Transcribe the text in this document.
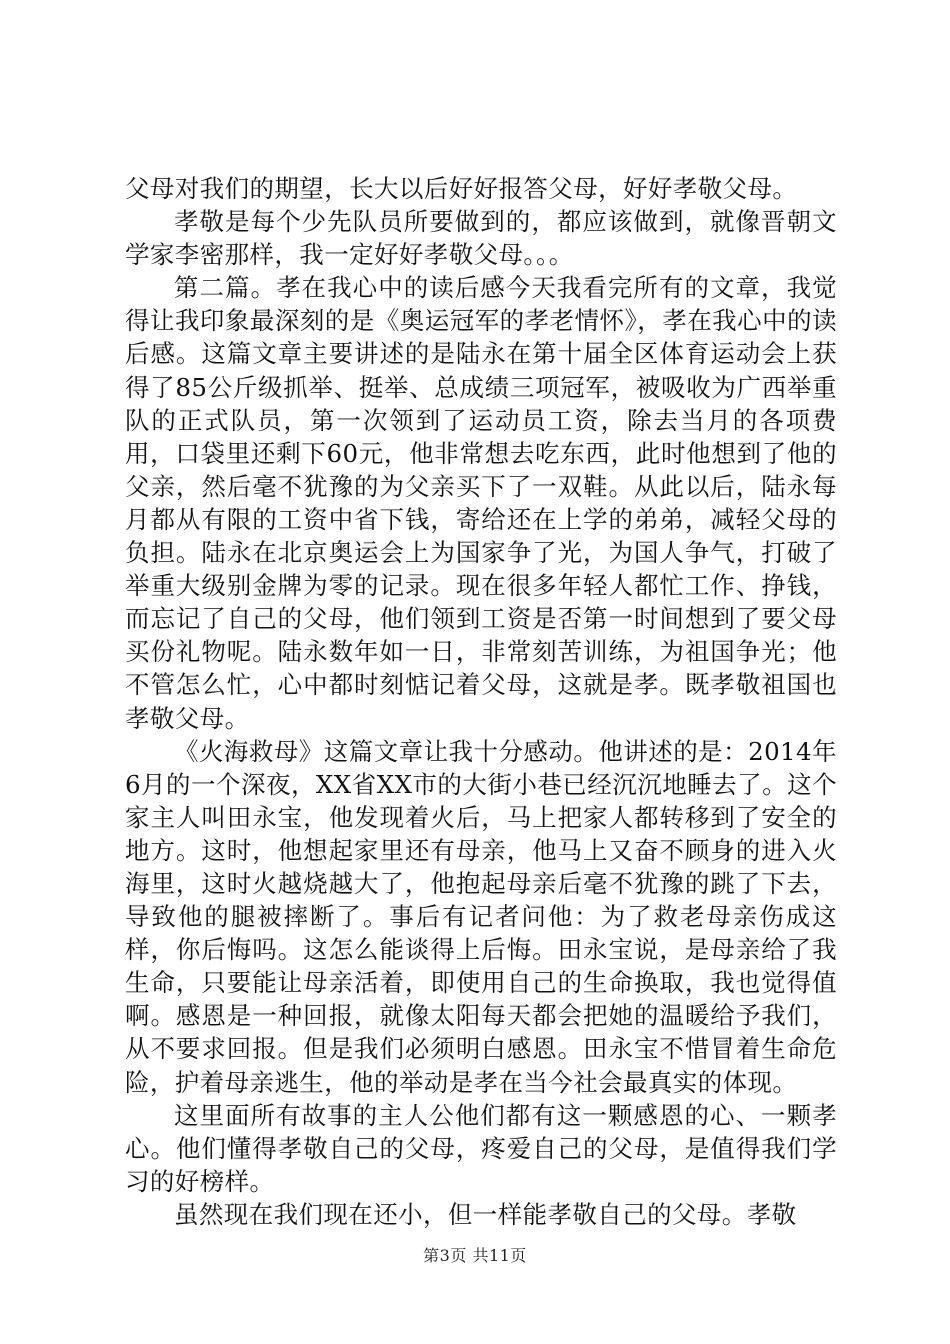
父母对我们的期望，长大以后好好报答父母，好好孝敬父母。

孝敬是每个少先队员所要做到的，都应该做到，就像晋朝文学家李密那样，我一定好好孝敬父母。。。

第二篇。孝在我心中的读后感今天我看完所有的文章，我觉得让我印象最深刻的是《奥运冠军的孝老情怀》，孝在我心中的读后感。这篇文章主要讲述的是陆永在第十届全区体育运动会上获得了85公斤级抓举、挺举、总成绩三项冠军，被吸收为广西举重队的正式队员，第一次领到了运动员工资，除去当月的各项费用，口袋里还剩下60元，他非常想去吃东西，此时他想到了他的父亲，然后毫不犹豫的为父亲买下了一双鞋。从此以后，陆永每月都从有限的工资中省下钱，寄给还在上学的弟弟，减轻父母的负担。陆永在北京奥运会上为国家争了光，为国人争气，打破了举重大级别金牌为零的记录。现在很多年轻人都忙工作、挣钱，而忘记了自己的父母，他们领到工资是否第一时间想到了要父母买份礼物呢。陆永数年如一日，非常刻苦训练，为祖国争光；他不管怎么忙，心中都时刻惦记着父母，这就是孝。既孝敬祖国也孝敬父母。

《火海救母》这篇文章让我十分感动。他讲述的是：2014年6月的一个深夜，XX省XX市的大街小巷已经沉沉地睡去了。这个家主人叫田永宝，他发现着火后，马上把家人都转移到了安全的地方。这时，他想起家里还有母亲，他马上又奋不顾身的进入火海里，这时火越烧越大了，他抱起母亲后毫不犹豫的跳了下去，导致他的腿被摔断了。事后有记者问他：为了救老母亲伤成这样，你后悔吗。这怎么能谈得上后悔。田永宝说，是母亲给了我生命，只要能让母亲活着，即使用自己的生命换取，我也觉得值啊。感恩是一种回报，就像太阳每天都会把她的温暖给予我们，从不要求回报。但是我们必须明白感恩。田永宝不惜冒着生命危险，护着母亲逃生，他的举动是孝在当今社会最真实的体现。

这里面所有故事的主人公他们都有这一颗感恩的心、一颗孝心。他们懂得孝敬自己的父母，疼爱自己的父母，是值得我们学习的好榜样。

虽然现在我们现在还小，但一样能孝敬自己的父母。孝敬

第3页 共11页
